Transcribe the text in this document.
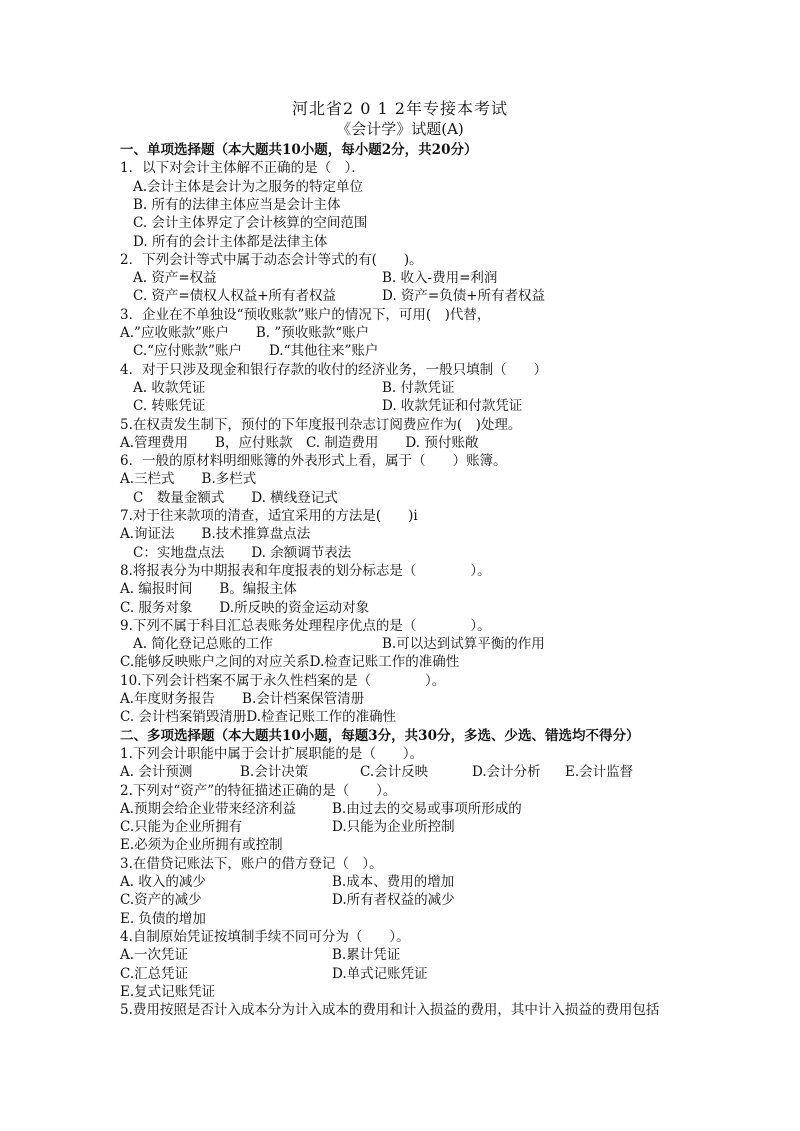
河北省2 0 1 2年专接本考试
《会计学》试题(A)
一、单项选择题（本大题共10小题，每小题2分，共20分）
1．以下对会计主体解不正确的是（　）．
A.会计主体是会计为之服务的特定单位
B. 所有的法律主体应当是会计主体
C. 会计主体界定了会计核算的空间范围
D. 所有的会计主体都是法律主体
2．下列会计等式中属于动态会计等式的有(　　)。
A. 资产=权益	B. 收入-费用=利润
C. 资产=债权人权益+所有者权益	D. 资产=负债+所有者权益
3．企业在不单独设“预收账款”账户的情况下，可用(　)代替，
A.”应收账款”账户　　B. ”预收账款“账户
C.“应付账款”账户　　D.“其他往来”账户
4．对于只涉及现金和银行存款的收付的经济业务，一般只填制（　　）
A. 收款凭证	B. 付款凭证
C. 转账凭证	D. 收款凭证和付款凭证
5.在权责发生制下，预付的下年度报刊杂志订阅费应作为(　)处理。
A.管理费用　　B，应付账款　C. 制造费用　　D. 预付账敞
6．一般的原材料明细账簿的外表形式上看，属于（　　）账簿。
A.三栏式　　B.多栏式
C　数量金额式　　D. 横线登记式
7.对于往来款项的清查，适宜采用的方法是(　　)i
A.询证法　　B.技术推算盘点法
C：实地盘点法　　D. 余额调节表法
8.将报表分为中期报表和年度报表的划分标志是（　　　　）。
A. 编报时间　　B。编报主体
C. 服务对象　　D.所反映的资金运动对象
9.下列不属于科目汇总表账务处理程序优点的是（　　　　）。
A. 简化登记总账的工作	B.可以达到试算平衡的作用
C.能够反映账户之间的对应关系D.检查记账工作的准确性
10.下列会计档案不属于永久性档案的是（　　　　）。
A.年度财务报告　　B.会计档案保管清册
C. 会计档案销毁清册D.检查记账工作的准确性
二、多项选择题（本大题共10小题，每题3分，共30分，多选、少选、错选均不得分）
1.下列会计职能中属于会计扩展职能的是（　　）。
A. 会计预测	B.会计决策	C.会计反映	D.会计分析 E.会计监督
2.下列对“资产”的特征描述正确的是（　　）。
A.预期会给企业带来经济利益	B.由过去的交易或事项所形成的
C.只能为企业所拥有	D.只能为企业所控制
E.必须为企业所拥有或控制
3.在借贷记账法下，账户的借方登记（　）。
A. 收入的减少	B.成本、费用的增加
C.资产的减少	D.所有者权益的减少
E. 负债的增加
4.自制原始凭证按填制手续不同可分为（　　）。
A.一次凭证	B.累计凭证
C.汇总凭证	D.单式记账凭证
E.复式记账凭证
5.费用按照是否计入成本分为计入成本的费用和计入损益的费用，其中计入损益的费用包括
